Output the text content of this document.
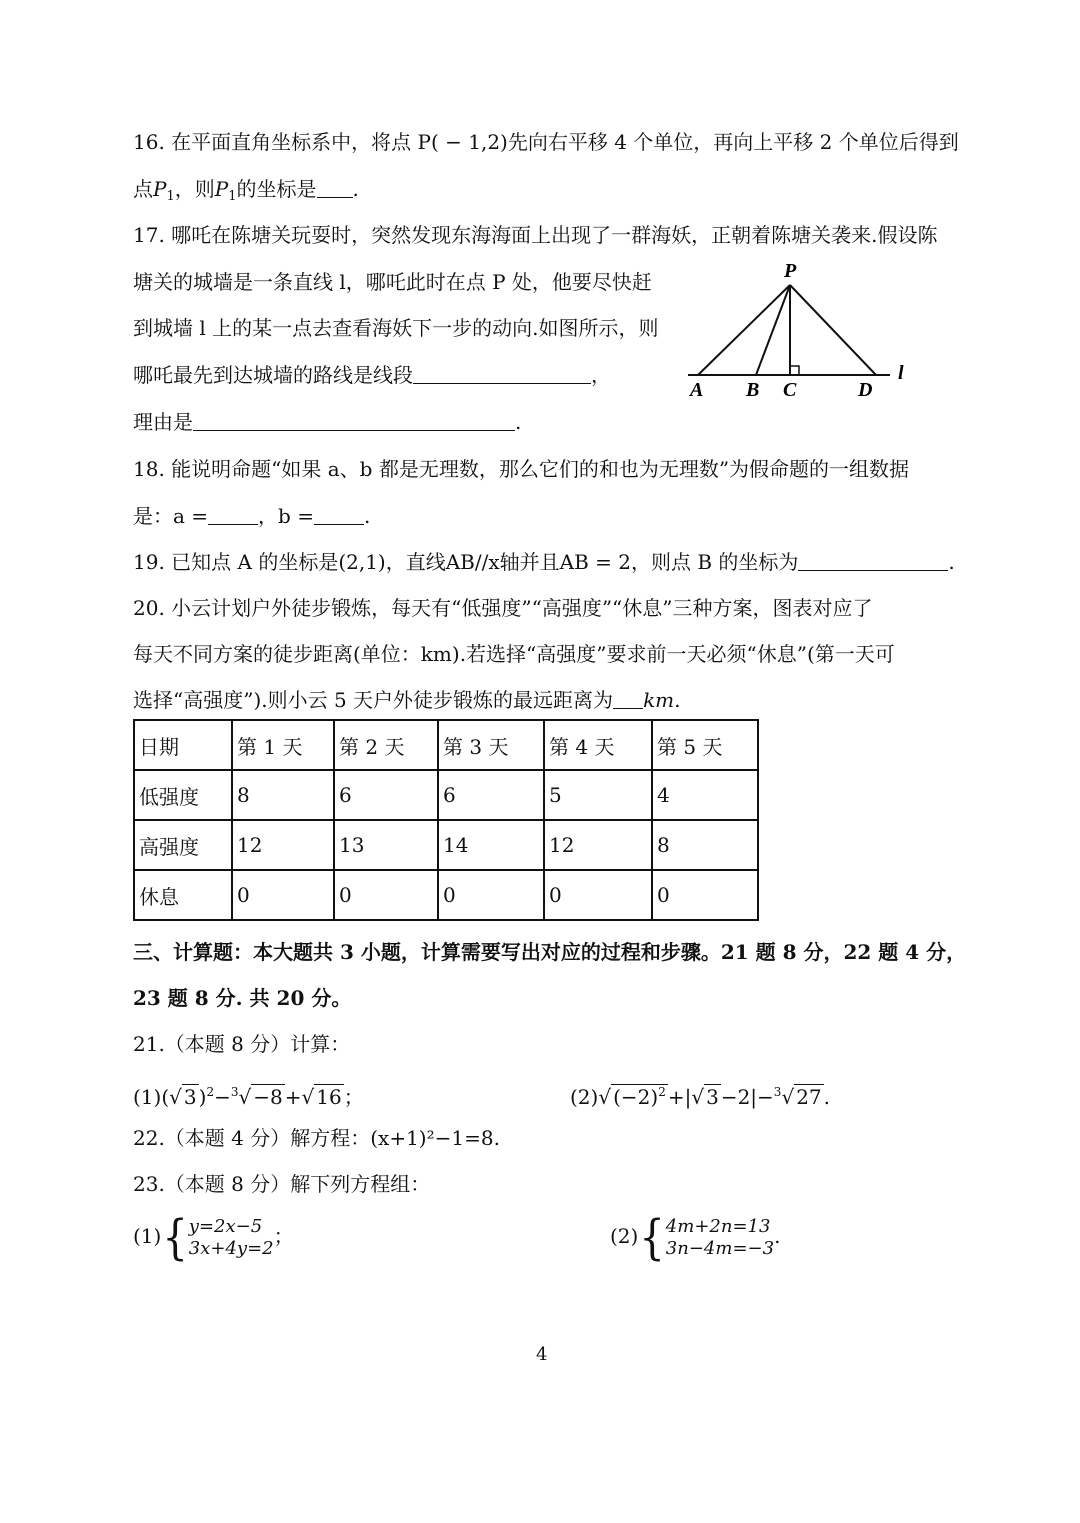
16. 在平面直角坐标系中，将点 P( − 1,2)先向右平移 4 个单位，再向上平移 2 个单位后得到
点$P_1$，则$P_1$的坐标是 .
17. 哪吒在陈塘关玩耍时，突然发现东海海面上出现了一群海妖，正朝着陈塘关袭来.假设陈
塘关的城墙是一条直线 l，哪吒此时在点 P 处，他要尽快赶
到城墙 l 上的某一点去查看海妖下一步的动向.如图所示，则
哪吒最先到达城墙的路线是线段	，
理由是	.
P
A B C	D
l
18. 能说明命题“如果 a、b 都是无理数，那么它们的和也为无理数”为假命题的一组数据
是：a =	，b =	.
19. 已知点 A 的坐标是(2,1)，直线AB//x轴并且AB = 2，则点 B 的坐标为	.
20. 小云计划户外徒步锻炼，每天有“低强度”“高强度”“休息”三种方案，图表对应了
每天不同方案的徒步距离(单位：km).若选择“高强度”要求前一天必须“休息”(第一天可
选择“高强度”).则小云 5 天户外徒步锻炼的最远距离为 km.
日期	第 1 天	第 2 天	第 3 天	第 4 天	第 5 天
低强度	8	6	6	5	4
高强度	12	13	14	12	8
休息	0	0	0	0	0
三、计算题：本大题共 3 小题，计算需要写出对应的过程和步骤。21 题 8 分，22 题 4 分，
23 题 8 分. 共 20 分。
21.（本题 8 分）计算：
(1)(√ 3 )$^2$−$^3$√ −8 +√ 16 ；	(2)√ $(-2)^2$ +|√ 3 −2|−$^3$√ 27 .
22.（本题 4 分）解方程：(x+1)²−1=8.
23.（本题 8 分）解下列方程组：
(1){y=2x−5
3x+4y=2；	(2){4m+2n=13
3n−4m=−3.
4
